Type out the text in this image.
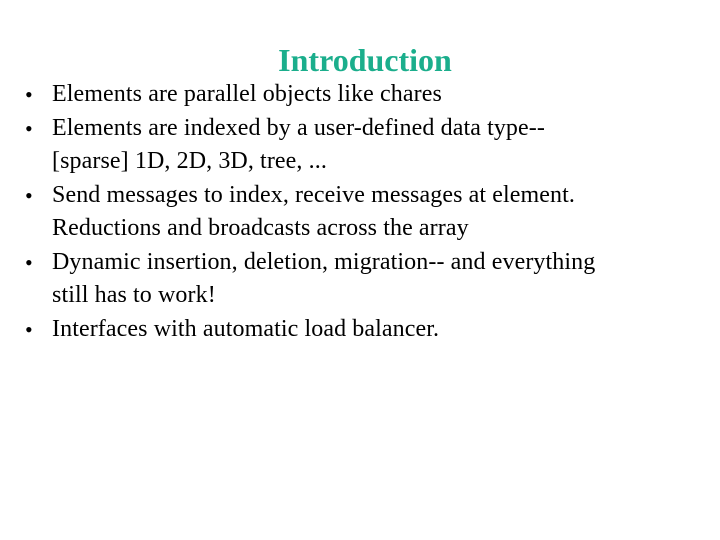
Introduction
• Elements are parallel objects like chares
• Elements are indexed by a user-defined data type--
[sparse] 1D, 2D, 3D, tree, ...
• Send messages to index, receive messages at element.
Reductions and broadcasts across the array
• Dynamic insertion, deletion, migration-- and everything
still has to work!
• Interfaces with automatic load balancer.
